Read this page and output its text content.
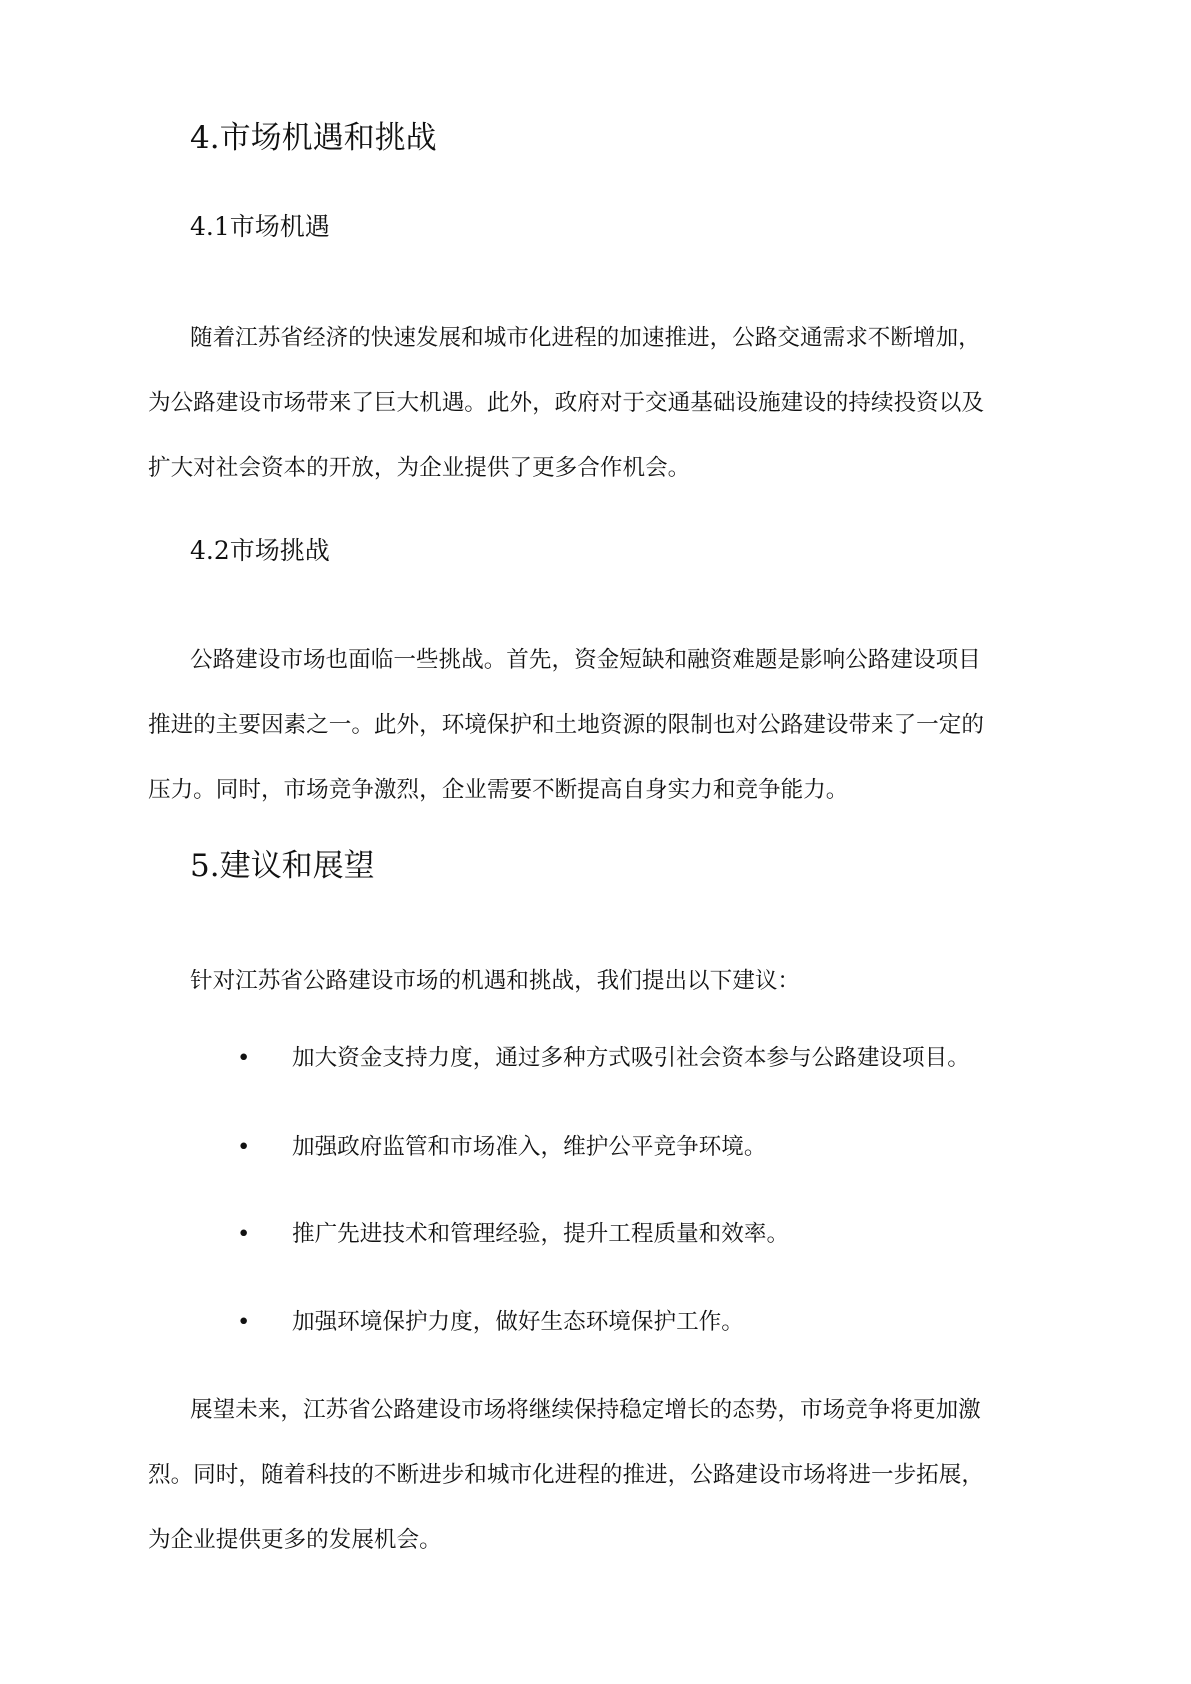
4.市场机遇和挑战
4.1市场机遇

随着江苏省经济的快速发展和城市化进程的加速推进，公路交通需求不断增加，
为公路建设市场带来了巨大机遇。此外，政府对于交通基础设施建设的持续投资以及
扩大对社会资本的开放，为企业提供了更多合作机会。

4.2市场挑战

公路建设市场也面临一些挑战。首先，资金短缺和融资难题是影响公路建设项目
推进的主要因素之一。此外，环境保护和土地资源的限制也对公路建设带来了一定的
压力。同时，市场竞争激烈，企业需要不断提高自身实力和竞争能力。

5.建议和展望

针对江苏省公路建设市场的机遇和挑战，我们提出以下建议：

• 加大资金支持力度，通过多种方式吸引社会资本参与公路建设项目。
• 加强政府监管和市场准入，维护公平竞争环境。
• 推广先进技术和管理经验，提升工程质量和效率。
• 加强环境保护力度，做好生态环境保护工作。

展望未来，江苏省公路建设市场将继续保持稳定增长的态势，市场竞争将更加激
烈。同时，随着科技的不断进步和城市化进程的推进，公路建设市场将进一步拓展，
为企业提供更多的发展机会。
